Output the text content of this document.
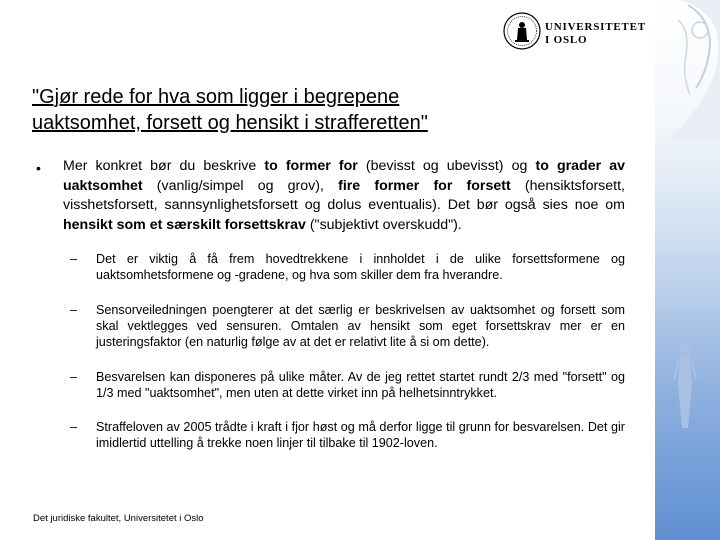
UNIVERSITETET
I OSLO
"Gjør rede for hva som ligger i begrepene
uaktsomhet, forsett og hensikt i strafferetten"
• Mer konkret bør du beskrive to former for (bevisst og ubevisst) og to grader av uaktsomhet (vanlig/simpel og grov), fire former for forsett (hensiktsforsett, visshetsforsett, sannsynlighetsforsett og dolus eventualis). Det bør også sies noe om hensikt som et særskilt forsettskrav ("subjektivt overskudd").
– Det er viktig å få frem hovedtrekkene i innholdet i de ulike forsettsformene og uaktsomhetsformene og -gradene, og hva som skiller dem fra hverandre.
– Sensorveiledningen poengterer at det særlig er beskrivelsen av uaktsomhet og forsett som skal vektlegges ved sensuren. Omtalen av hensikt som eget forsettskrav mer er en justeringsfaktor (en naturlig følge av at det er relativt lite å si om dette).
– Besvarelsen kan disponeres på ulike måter. Av de jeg rettet startet rundt 2/3 med "forsett" og 1/3 med "uaktsomhet", men uten at dette virket inn på helhetsinntrykket.
– Straffeloven av 2005 trådte i kraft i fjor høst og må derfor ligge til grunn for besvarelsen. Det gir imidlertid uttelling å trekke noen linjer til tilbake til 1902-loven.
Det juridiske fakultet, Universitetet i Oslo
